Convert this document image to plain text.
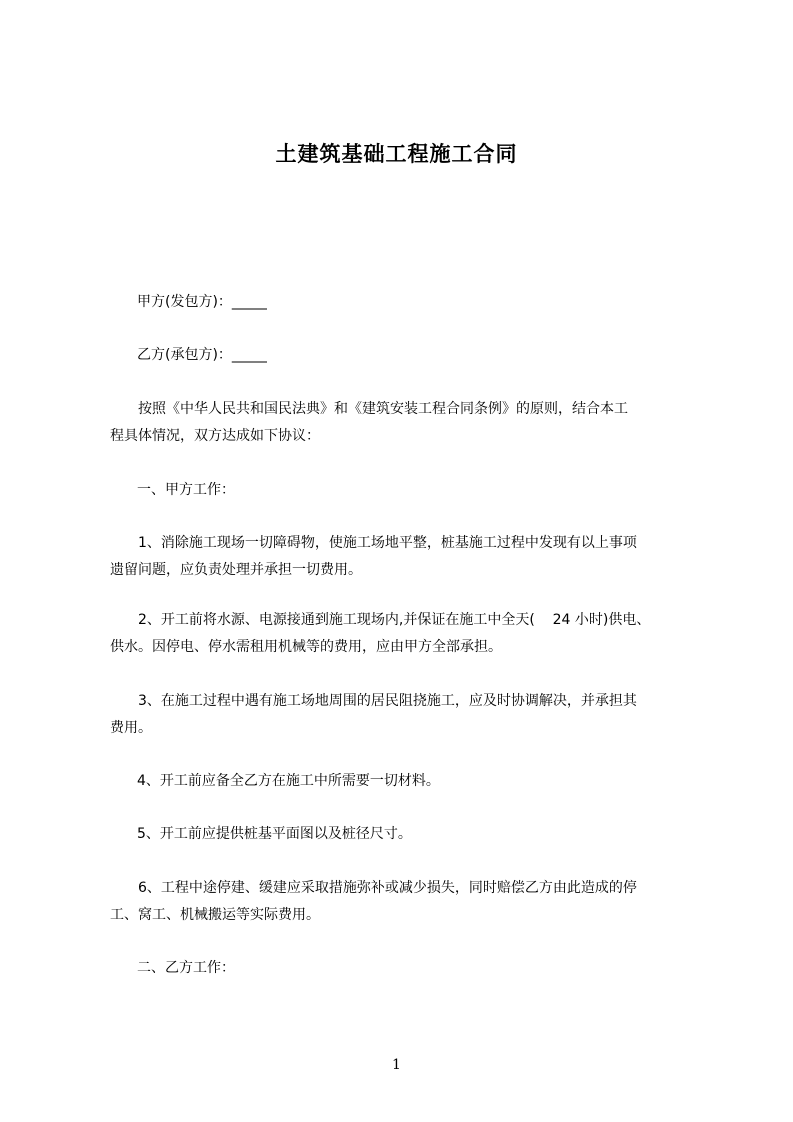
土建筑基础工程施工合同
甲方(发包方)：_____
乙方(承包方)：_____
按照《中华人民共和国民法典》和《建筑安装工程合同条例》的原则，结合本工
程具体情况，双方达成如下协议：
一、甲方工作：
1、消除施工现场一切障碍物，使施工场地平整，桩基施工过程中发现有以上事项
遗留问题，应负责处理并承担一切费用。
2、开工前将水源、电源接通到施工现场内,并保证在施工中全天(    24 小时)供电、
供水。因停电、停水需租用机械等的费用，应由甲方全部承担。
3、在施工过程中遇有施工场地周围的居民阻挠施工，应及时协调解决，并承担其
费用。
4、开工前应备全乙方在施工中所需要一切材料。
5、开工前应提供桩基平面图以及桩径尺寸。
6、工程中途停建、缓建应采取措施弥补或减少损失，同时赔偿乙方由此造成的停
工、窝工、机械搬运等实际费用。
二、乙方工作：
1
